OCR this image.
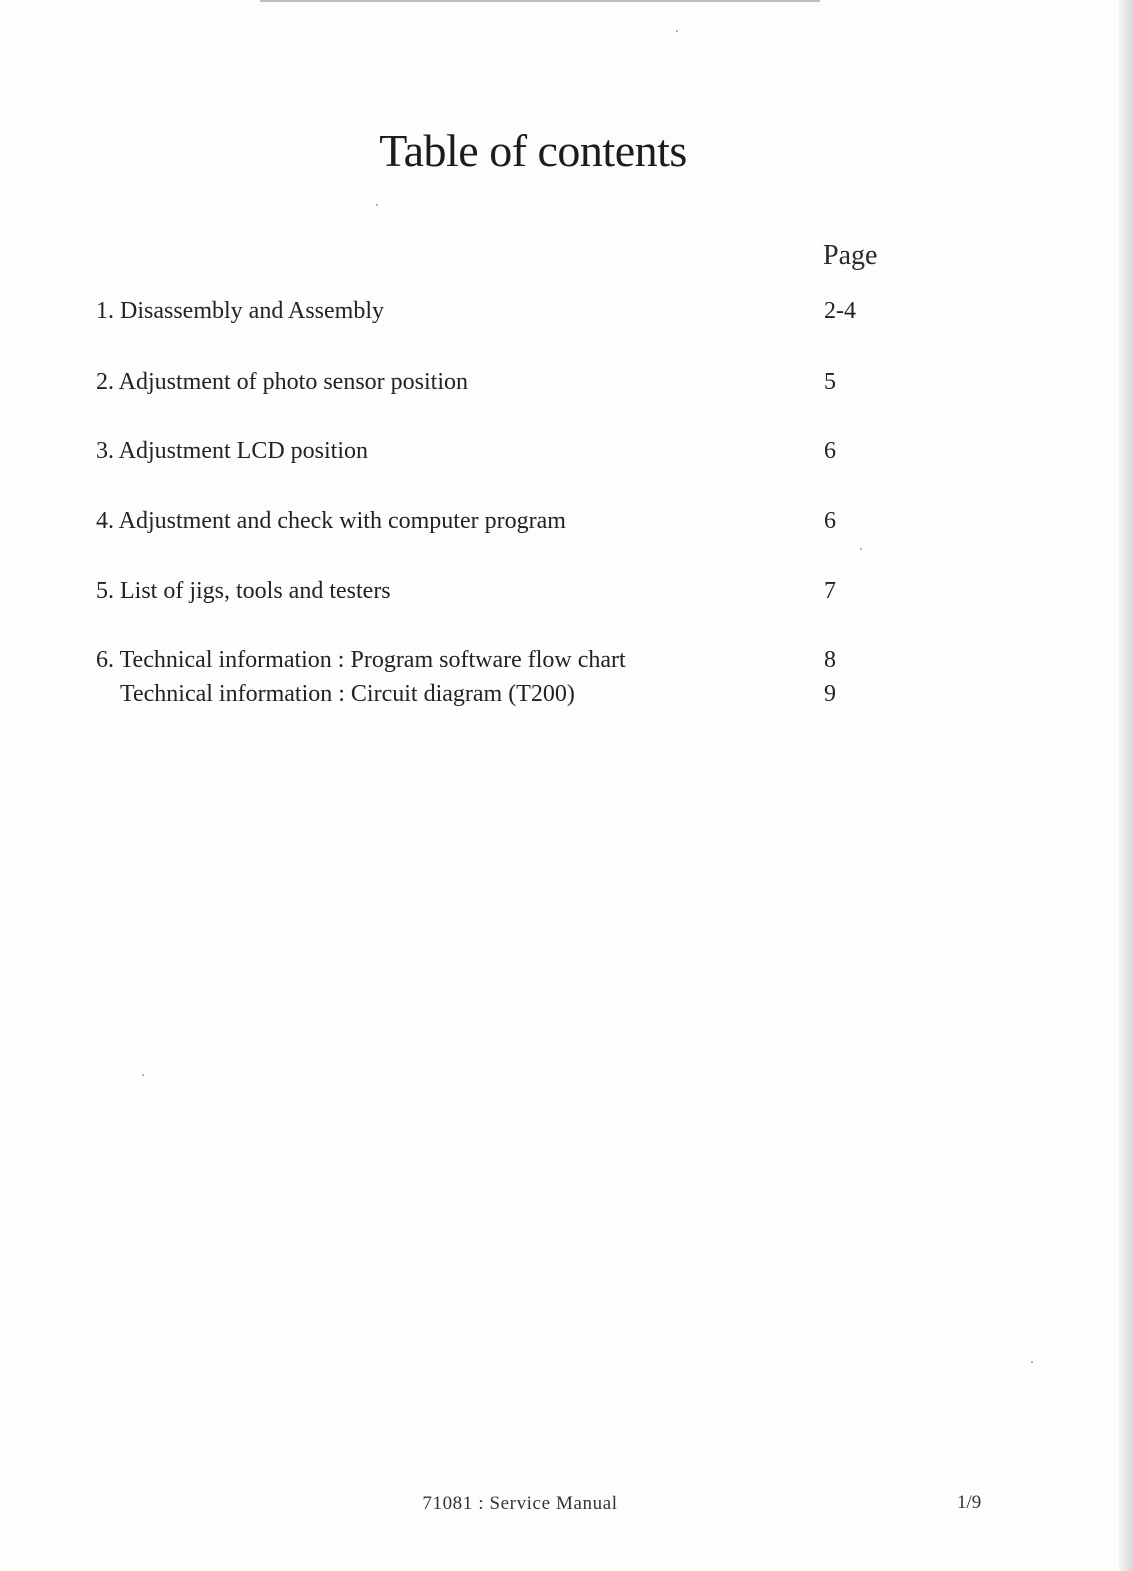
Table of contents
Page
1. Disassembly and Assembly	2-4
2. Adjustment of photo sensor position	5
3. Adjustment LCD position	6
4. Adjustment and check with computer program	6
5. List of jigs, tools and testers	7
6. Technical information : Program software flow chart	8
Technical information : Circuit diagram (T200)	9
71081 : Service Manual	1/9
